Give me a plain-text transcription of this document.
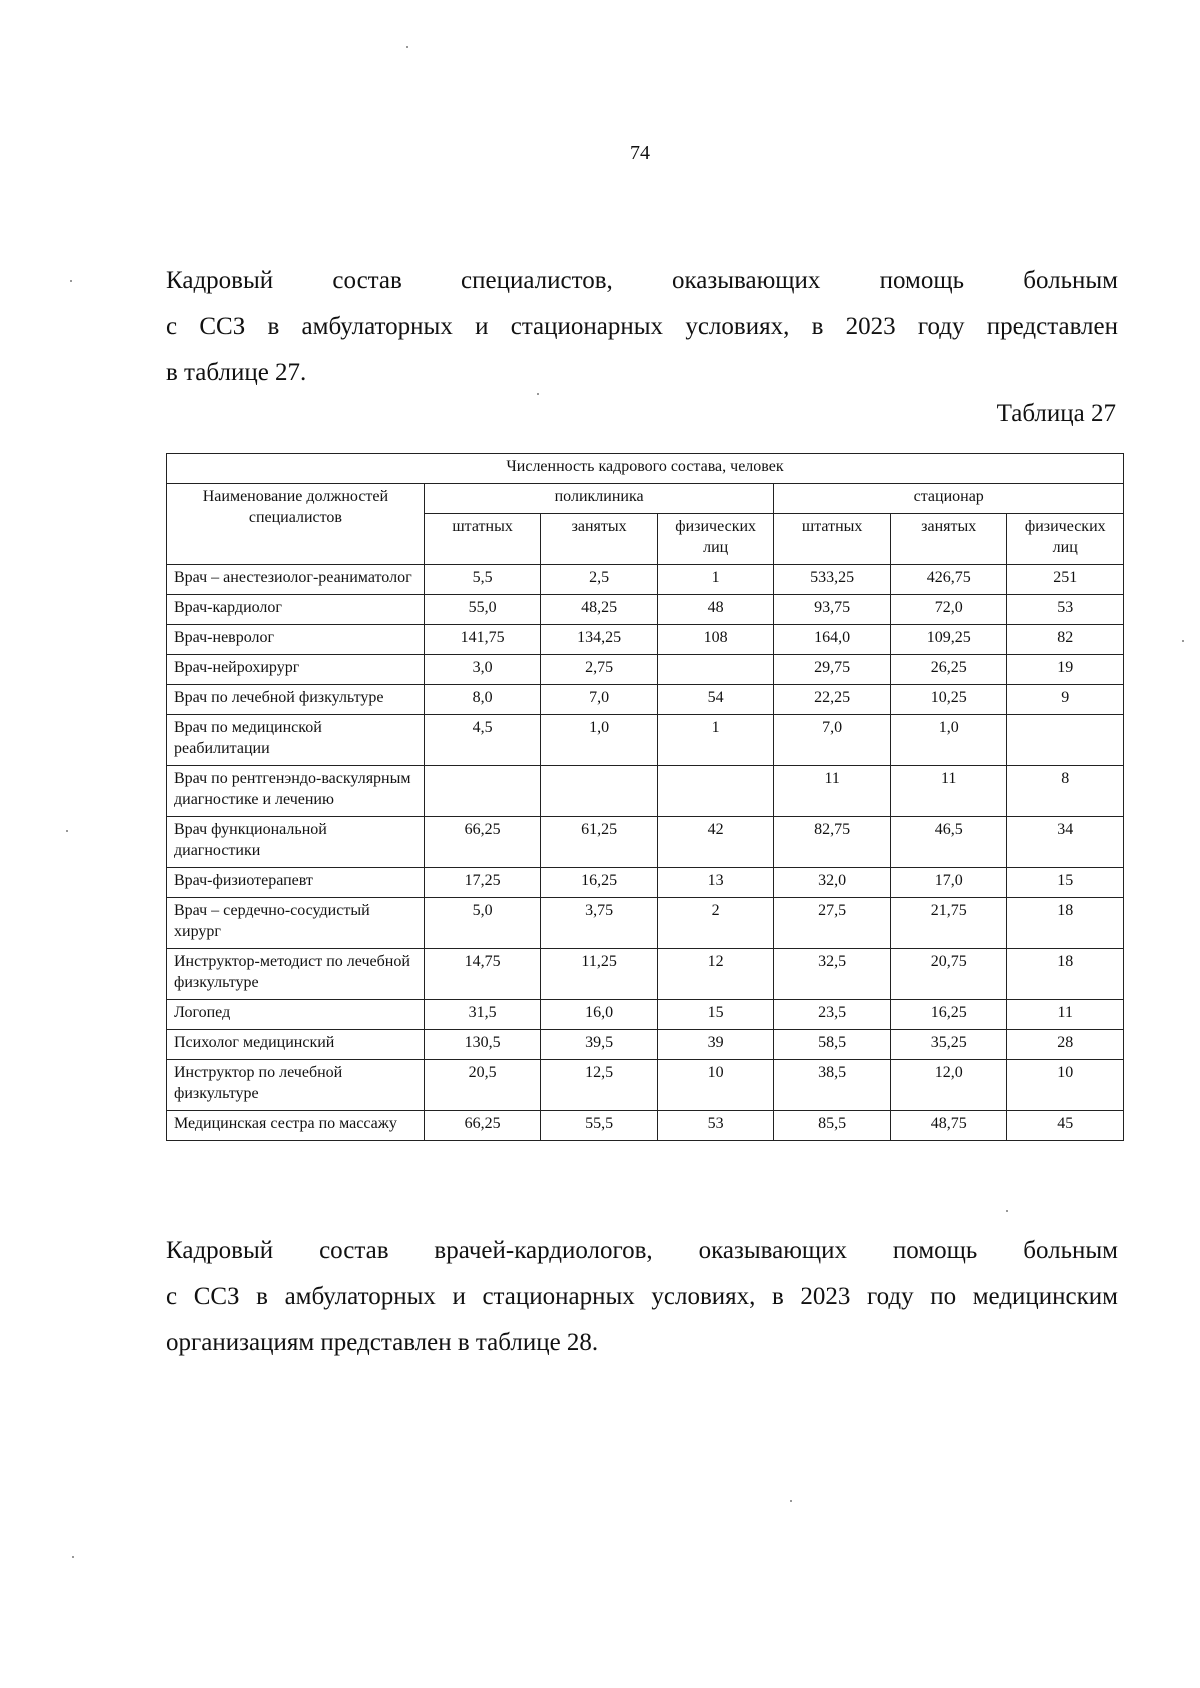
74

Кадровый состав специалистов, оказывающих помощь больным
с ССЗ в амбулаторных и стационарных условиях, в 2023 году представлен
в таблице 27.

Таблица 27
Численность кадрового состава, человек						
Наименование должностей специалистов	поликлиника			стационар		
	штатных	занятых	физических лиц	штатных	занятых	физических лиц
Врач – анестезиолог-реаниматолог	5,5	2,5	1	533,25	426,75	251
Врач-кардиолог	55,0	48,25	48	93,75	72,0	53
Врач-невролог	141,75	134,25	108	164,0	109,25	82
Врач-нейрохирург	3,0	2,75		29,75	26,25	19
Врач по лечебной физкультуре	8,0	7,0	54	22,25	10,25	9
Врач по медицинской реабилитации	4,5	1,0	1	7,0	1,0	
Врач по рентгенэндо-васкулярным диагностике и лечению				11	11	8
Врач функциональной диагностики	66,25	61,25	42	82,75	46,5	34
Врач-физиотерапевт	17,25	16,25	13	32,0	17,0	15
Врач – сердечно-сосудистый хирург	5,0	3,75	2	27,5	21,75	18
Инструктор-методист по лечебной физкультуре	14,75	11,25	12	32,5	20,75	18
Логопед	31,5	16,0	15	23,5	16,25	11
Психолог медицинский	130,5	39,5	39	58,5	35,25	28
Инструктор по лечебной физкультуре	20,5	12,5	10	38,5	12,0	10
Медицинская сестра по массажу	66,25	55,5	53	85,5	48,75	45

Кадровый состав врачей-кардиологов, оказывающих помощь больным
с ССЗ в амбулаторных и стационарных условиях, в 2023 году по медицинским
организациям представлен в таблице 28.
